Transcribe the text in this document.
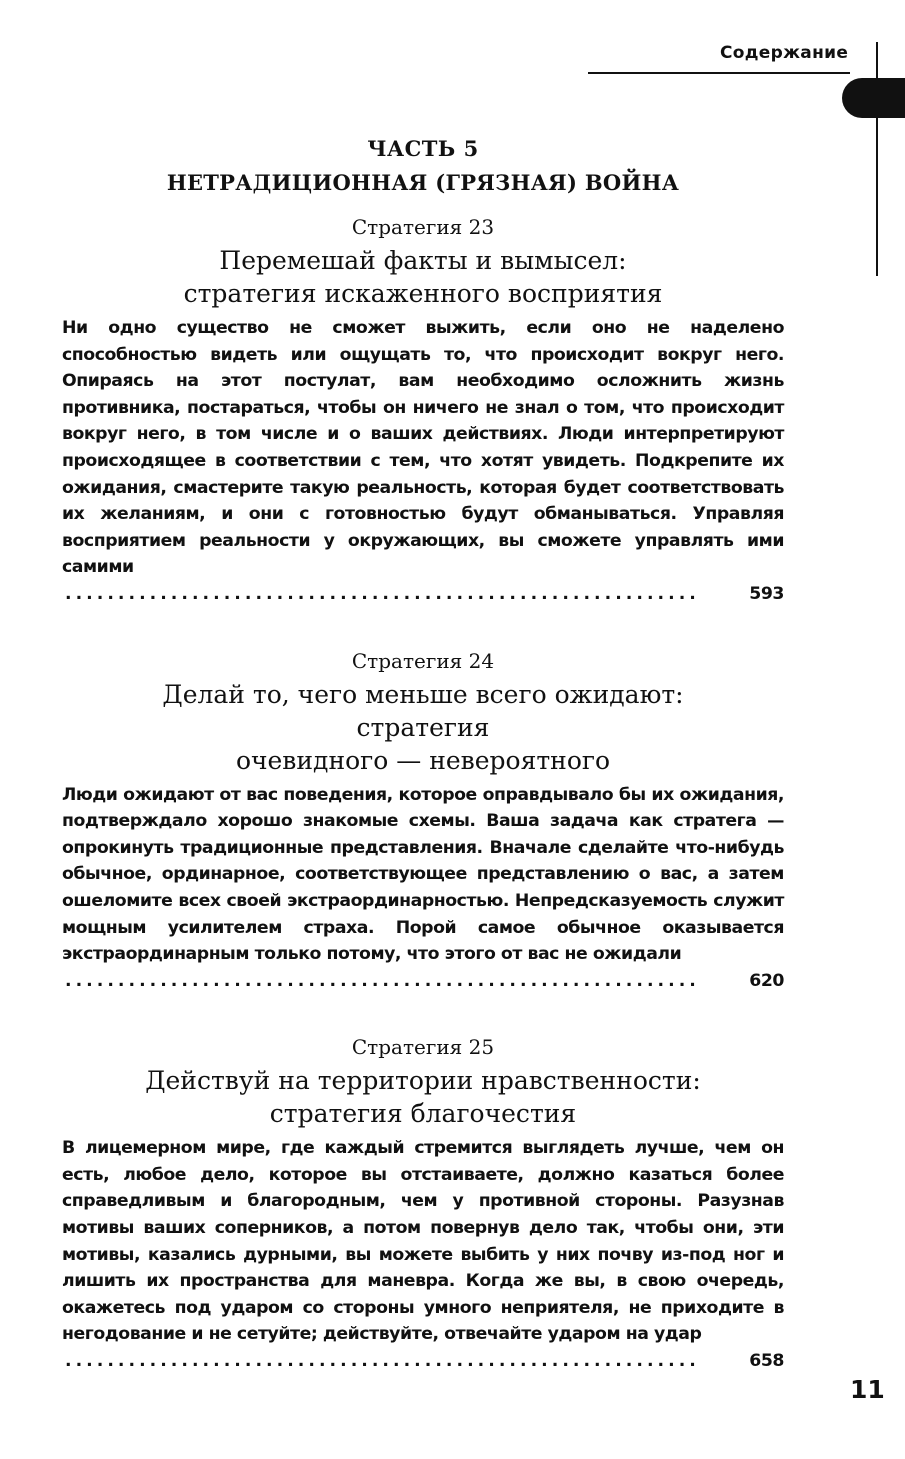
Содержание
ЧАСТЬ 5
НЕТРАДИЦИОННАЯ (ГРЯЗНАЯ) ВОЙНА
Стратегия 23
Перемешай факты и вымысел:
стратегия искаженного восприятия
Ни одно существо не сможет выжить, если оно не наделено способностью видеть или ощущать то, что происходит вокруг него. Опираясь на этот постулат, вам необходимо осложнить жизнь противника, постараться, чтобы он ничего не знал о том, что происходит вокруг него, в том числе и о ваших действиях. Люди интерпретируют происходящее в соответствии с тем, что хотят увидеть. Подкрепите их ожидания, смастерите такую реальность, которая будет соответствовать их желаниям, и они с готовностью будут обманываться. Управляя восприятием реальности у окружающих, вы сможете управлять ими самими
. . .
593
Стратегия 24
Делай то, чего меньше всего ожидают:
стратегия
очевидного — невероятного
Люди ожидают от вас поведения, которое оправдывало бы их ожидания, подтверждало хорошо знакомые схемы. Ваша задача как стратега — опрокинуть традиционные представления. Вначале сделайте что-нибудь обычное, ординарное, соответствующее представлению о вас, а затем ошеломите всех своей экстраординарностью. Непредсказуемость служит мощным усилителем страха. Порой самое обычное оказывается экстраординарным только потому, что этого от вас не ожидали
. . .
620
Стратегия 25
Действуй на территории нравственности:
стратегия благочестия
В лицемерном мире, где каждый стремится выглядеть лучше, чем он есть, любое дело, которое вы отстаиваете, должно казаться более справедливым и благородным, чем у противной стороны. Разузнав мотивы ваших соперников, а потом повернув дело так, чтобы они, эти мотивы, казались дурными, вы можете выбить у них почву из-под ног и лишить их пространства для маневра. Когда же вы, в свою очередь, окажетесь под ударом со стороны умного неприятеля, не приходите в негодование и не сетуйте; действуйте, отвечайте ударом на удар
. . .
658
11
